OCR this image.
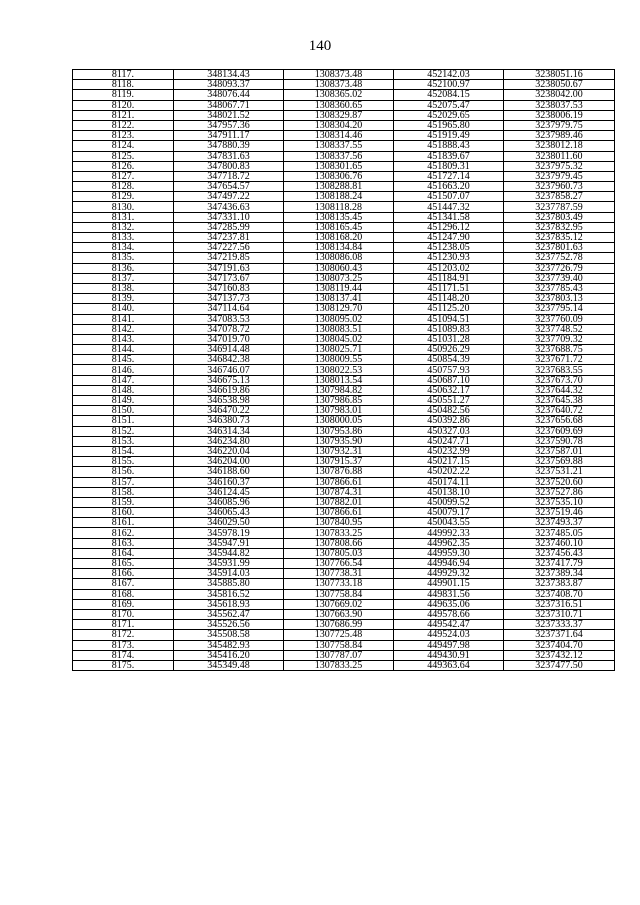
140
8117.	348134.43	1308373.48	452142.03	3238051.16
8118.	348093.37	1308373.48	452100.97	3238050.67
8119.	348076.44	1308365.02	452084.15	3238042.00
8120.	348067.71	1308360.65	452075.47	3238037.53
8121.	348021.52	1308329.87	452029.65	3238006.19
8122.	347957.36	1308304.20	451965.80	3237979.75
8123.	347911.17	1308314.46	451919.49	3237989.46
8124.	347880.39	1308337.55	451888.43	3238012.18
8125.	347831.63	1308337.56	451839.67	3238011.60
8126.	347800.83	1308301.65	451809.31	3237975.32
8127.	347718.72	1308306.76	451727.14	3237979.45
8128.	347654.57	1308288.81	451663.20	3237960.73
8129.	347497.22	1308188.24	451507.07	3237858.27
8130.	347436.63	1308118.28	451447.32	3237787.59
8131.	347331.10	1308135.45	451341.58	3237803.49
8132.	347285.99	1308165.45	451296.12	3237832.95
8133.	347237.81	1308168.20	451247.90	3237835.12
8134.	347227.56	1308134.84	451238.05	3237801.63
8135.	347219.85	1308086.08	451230.93	3237752.78
8136.	347191.63	1308060.43	451203.02	3237726.79
8137.	347173.67	1308073.25	451184.91	3237739.40
8138.	347160.83	1308119.44	451171.51	3237785.43
8139.	347137.73	1308137.41	451148.20	3237803.13
8140.	347114.64	1308129.70	451125.20	3237795.14
8141.	347083.53	1308095.02	451094.51	3237760.09
8142.	347078.72	1308083.51	451089.83	3237748.52
8143.	347019.70	1308045.02	451031.28	3237709.32
8144.	346914.48	1308025.71	450926.29	3237688.75
8145.	346842.38	1308009.55	450854.39	3237671.72
8146.	346746.07	1308022.53	450757.93	3237683.55
8147.	346675.13	1308013.54	450687.10	3237673.70
8148.	346619.86	1307984.82	450632.17	3237644.32
8149.	346538.98	1307986.85	450551.27	3237645.38
8150.	346470.22	1307983.01	450482.56	3237640.72
8151.	346380.73	1308000.05	450392.86	3237656.68
8152.	346314.34	1307953.86	450327.03	3237609.69
8153.	346234.80	1307935.90	450247.71	3237590.78
8154.	346220.04	1307932.31	450232.99	3237587.01
8155.	346204.00	1307915.37	450217.15	3237569.88
8156.	346188.60	1307876.88	450202.22	3237531.21
8157.	346160.37	1307866.61	450174.11	3237520.60
8158.	346124.45	1307874.31	450138.10	3237527.86
8159.	346085.96	1307882.01	450099.52	3237535.10
8160.	346065.43	1307866.61	450079.17	3237519.46
8161.	346029.50	1307840.95	450043.55	3237493.37
8162.	345978.19	1307833.25	449992.33	3237485.05
8163.	345947.91	1307808.66	449962.35	3237460.10
8164.	345944.82	1307805.03	449959.30	3237456.43
8165.	345931.99	1307766.54	449946.94	3237417.79
8166.	345914.03	1307738.31	449929.32	3237389.34
8167.	345885.80	1307733.18	449901.15	3237383.87
8168.	345816.52	1307758.84	449831.56	3237408.70
8169.	345618.93	1307669.02	449635.06	3237316.51
8170.	345562.47	1307663.90	449578.66	3237310.71
8171.	345526.56	1307686.99	449542.47	3237333.37
8172.	345508.58	1307725.48	449524.03	3237371.64
8173.	345482.93	1307758.84	449497.98	3237404.70
8174.	345416.20	1307787.07	449430.91	3237432.12
8175.	345349.48	1307833.25	449363.64	3237477.50
